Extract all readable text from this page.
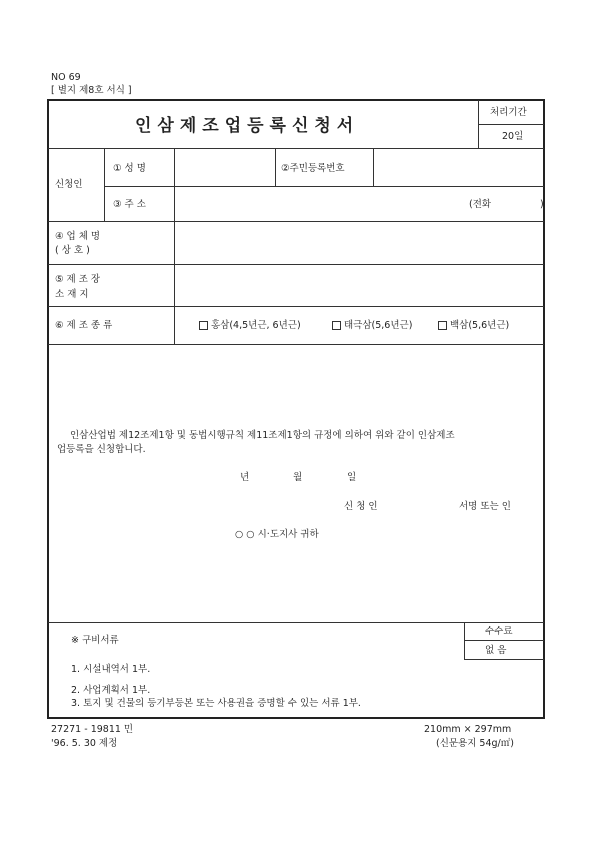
NO 69
[ 별지 제8호 서식 ]
인삼제조업등록신청서
처리기간
20일
신청인
① 성 명	②주민등록번호
③ 주 소	(전화	)
④ 업 체 명
( 상 호 )
⑤ 제 조 장
소 재 지
⑥ 제 조 종 류	홍삼(4,5년근, 6년근)	태극삼(5,6년근)	백삼(5,6년근)
인삼산업법 제12조제1항 및 동법시행규칙 제11조제1항의 규정에 의하여 위와 같이 인삼제조
업등록을 신청합니다.
년	월	일
신 청 인	서명 또는 인
○ ○ 시·도지사 귀하
※ 구비서류
1. 시설내역서 1부.
2. 사업계획서 1부.
3. 토지 및 건물의 등기부등본 또는 사용권을 증명할 수 있는 서류 1부.
수수료
없 음
27271 - 19811 민
'96. 5. 30 제정
210mm × 297mm
(신문용지 54g/㎡)
